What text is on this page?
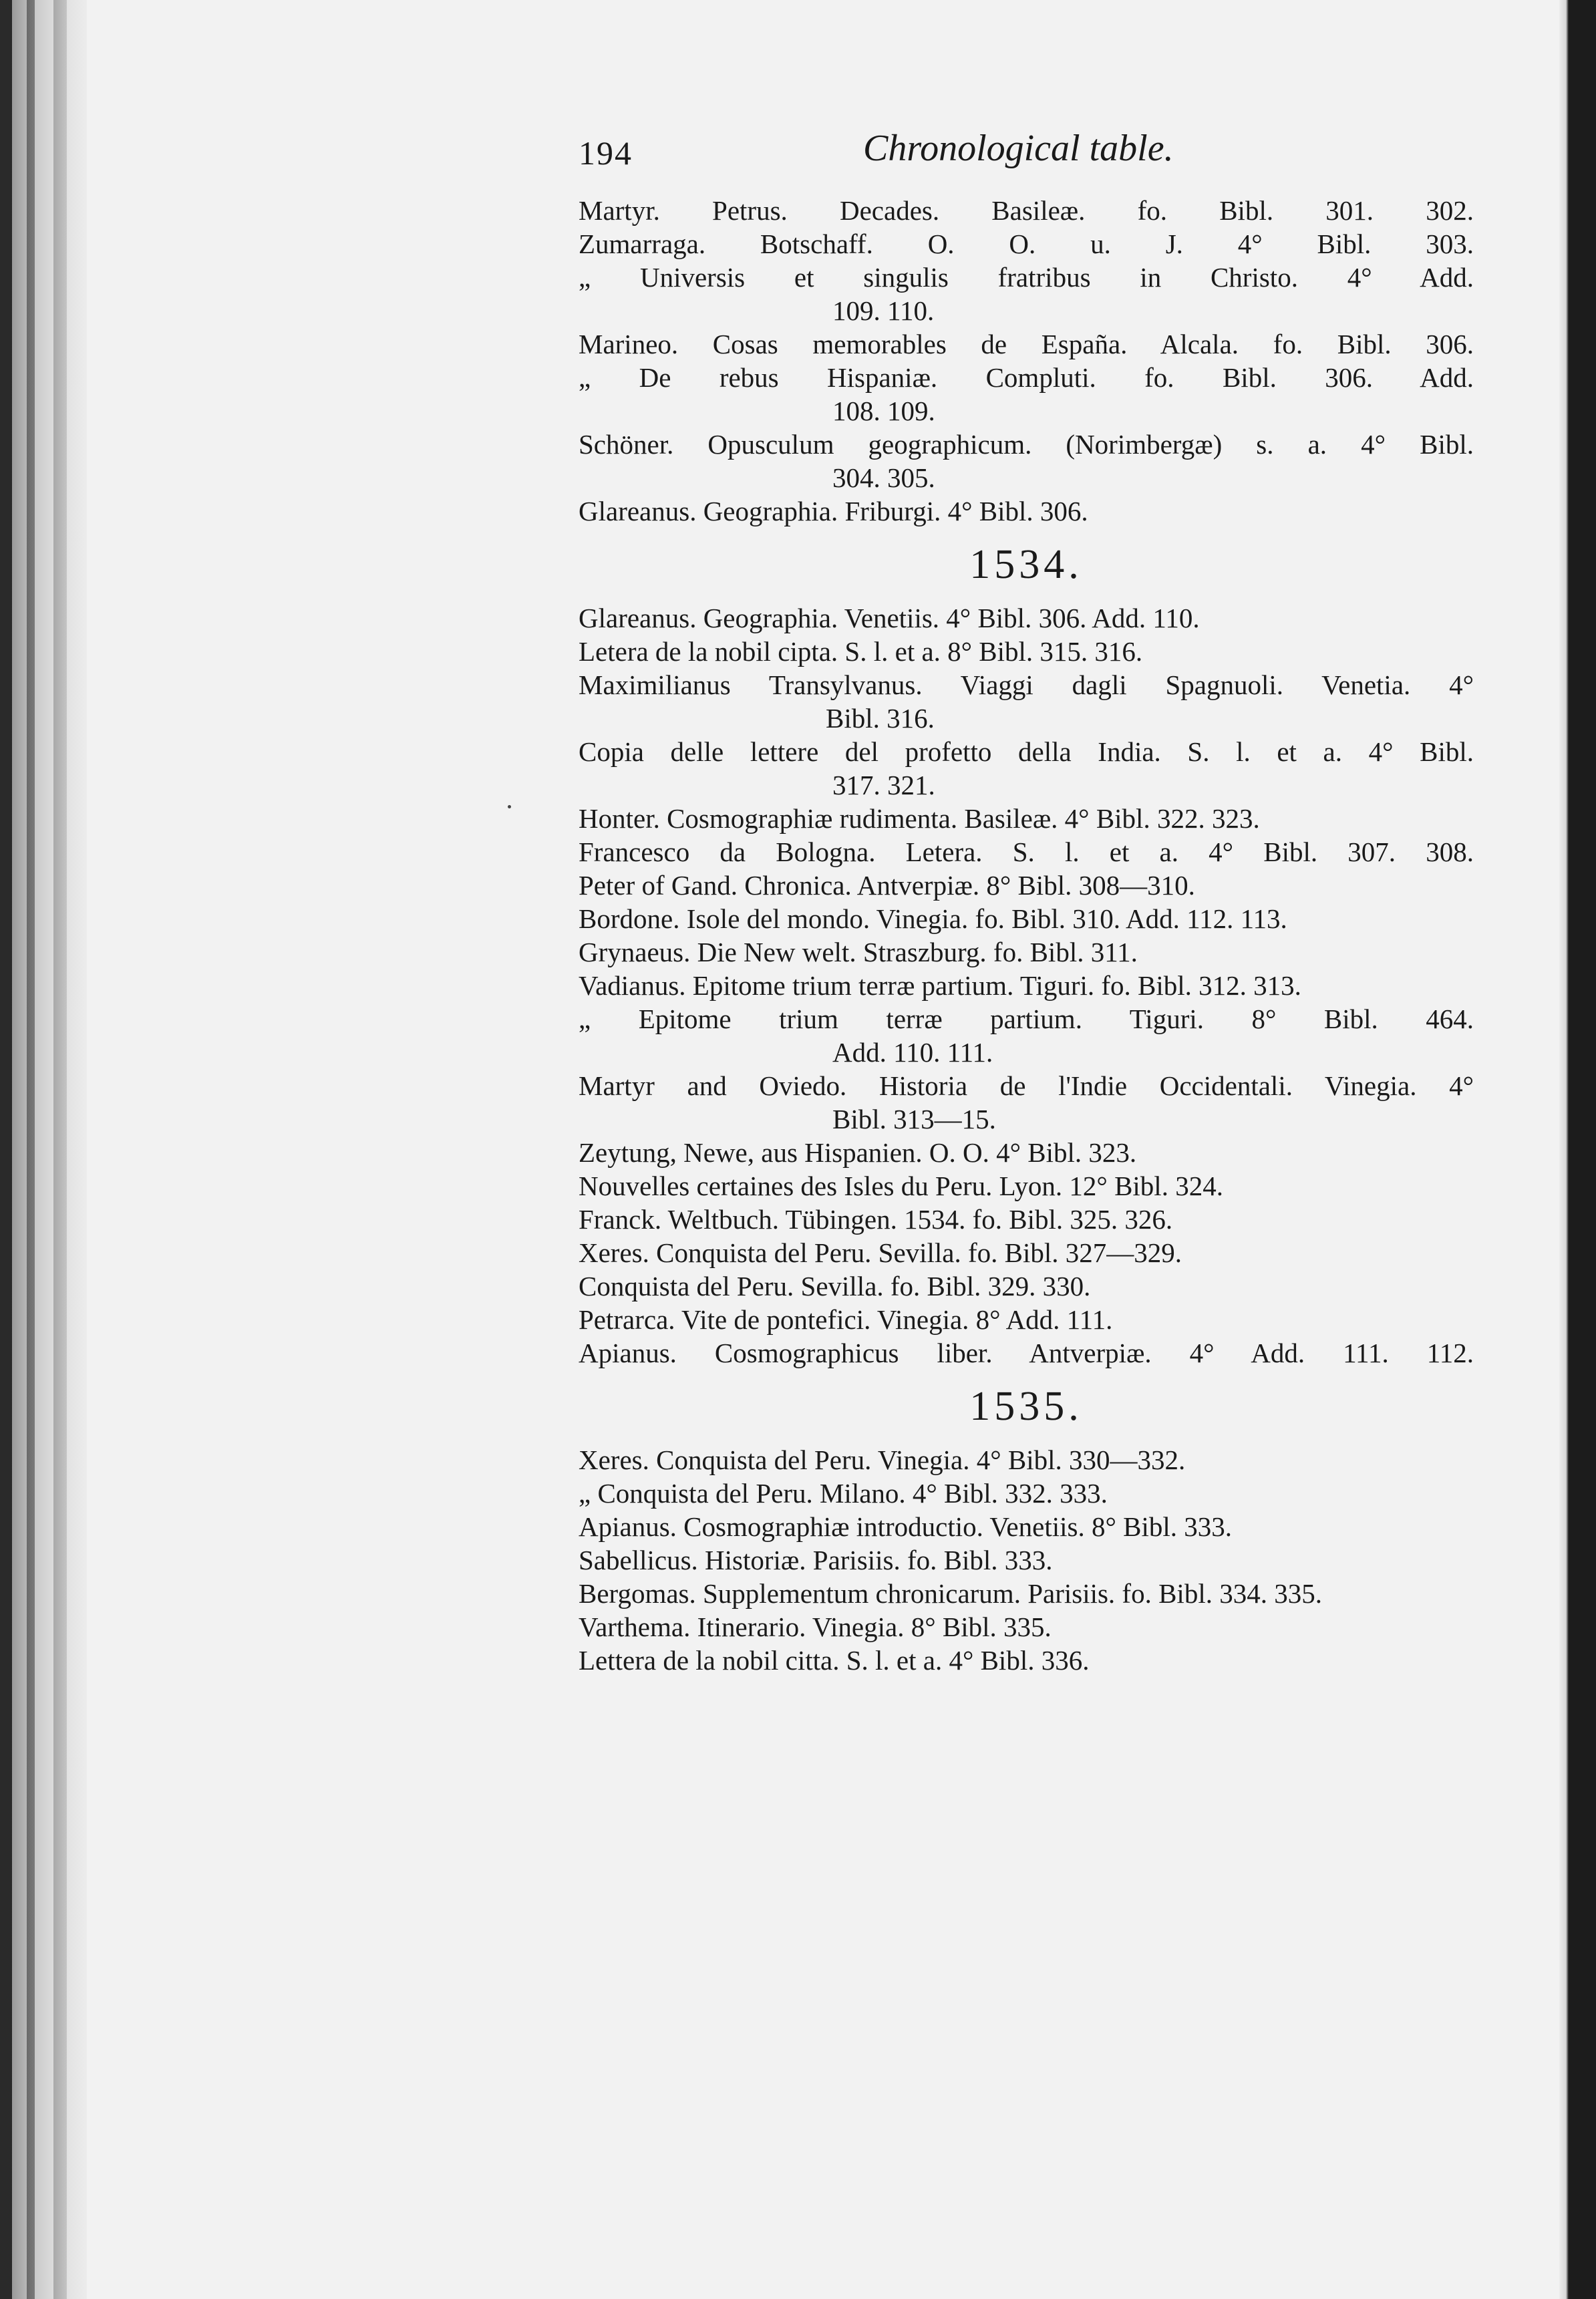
194	Chronological table.
Martyr. Petrus. Decades. Basileæ. fo. Bibl. 301. 302.
Zumarraga. Botschaff. O. O. u. J. 4° Bibl. 303.
„ Universis et singulis fratribus in Christo. 4° Add.
109. 110.
Marineo. Cosas memorables de España. Alcala. fo. Bibl. 306.
„ De rebus Hispaniæ. Compluti. fo. Bibl. 306. Add.
108. 109.
Schöner. Opusculum geographicum. (Norimbergæ) s. a. 4° Bibl.
304. 305.
Glareanus. Geographia. Friburgi. 4° Bibl. 306.
1534.
Glareanus. Geographia. Venetiis. 4° Bibl. 306. Add. 110.
Letera de la nobil cipta. S. l. et a. 8° Bibl. 315. 316.
Maximilianus Transylvanus. Viaggi dagli Spagnuoli. Venetia. 4°
Bibl. 316.
Copia delle lettere del profetto della India. S. l. et a. 4° Bibl.
317. 321.
Honter. Cosmographiæ rudimenta. Basileæ. 4° Bibl. 322. 323.
Francesco da Bologna. Letera. S. l. et a. 4° Bibl. 307. 308.
Peter of Gand. Chronica. Antverpiæ. 8° Bibl. 308—310.
Bordone. Isole del mondo. Vinegia. fo. Bibl. 310. Add. 112. 113.
Grynaeus. Die New welt. Straszburg. fo. Bibl. 311.
Vadianus. Epitome trium terræ partium. Tiguri. fo. Bibl. 312. 313.
„ Epitome trium terræ partium. Tiguri. 8° Bibl. 464.
Add. 110. 111.
Martyr and Oviedo. Historia de l'Indie Occidentali. Vinegia. 4°
Bibl. 313—15.
Zeytung, Newe, aus Hispanien. O. O. 4° Bibl. 323.
Nouvelles certaines des Isles du Peru. Lyon. 12° Bibl. 324.
Franck. Weltbuch. Tübingen. 1534. fo. Bibl. 325. 326.
Xeres. Conquista del Peru. Sevilla. fo. Bibl. 327—329.
Conquista del Peru. Sevilla. fo. Bibl. 329. 330.
Petrarca. Vite de pontefici. Vinegia. 8° Add. 111.
Apianus. Cosmographicus liber. Antverpiæ. 4° Add. 111. 112.
1535.
Xeres. Conquista del Peru. Vinegia. 4° Bibl. 330—332.
„ Conquista del Peru. Milano. 4° Bibl. 332. 333.
Apianus. Cosmographiæ introductio. Venetiis. 8° Bibl. 333.
Sabellicus. Historiæ. Parisiis. fo. Bibl. 333.
Bergomas. Supplementum chronicarum. Parisiis. fo. Bibl. 334. 335.
Varthema. Itinerario. Vinegia. 8° Bibl. 335.
Lettera de la nobil citta. S. l. et a. 4° Bibl. 336.
